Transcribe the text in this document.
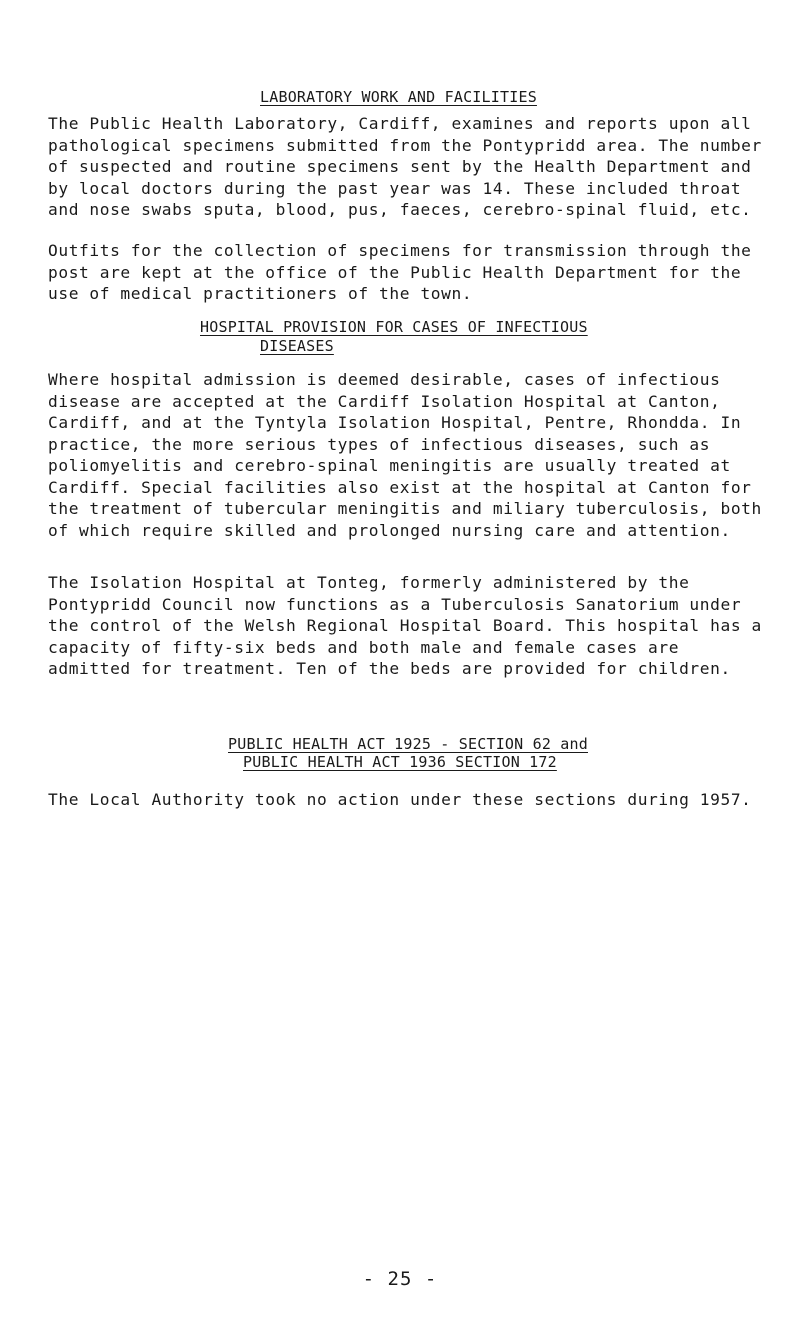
LABORATORY WORK AND FACILITIES
The Public Health Laboratory, Cardiff, examines and reports upon all pathological specimens submitted from the Pontypridd area. The number of suspected and routine specimens sent by the Health Department and by local doctors during the past year was 14. These included throat and nose swabs sputa, blood, pus, faeces, cerebro-spinal fluid, etc.
Outfits for the collection of specimens for transmission through the post are kept at the office of the Public Health Department for the use of medical practitioners of the town.
HOSPITAL PROVISION FOR CASES OF INFECTIOUS
DISEASES
Where hospital admission is deemed desirable, cases of infectious disease are accepted at the Cardiff Isolation Hospital at Canton, Cardiff, and at the Tyntyla Isolation Hospital, Pentre, Rhondda. In practice, the more serious types of infectious diseases, such as poliomyelitis and cerebro-spinal meningitis are usually treated at Cardiff. Special facilities also exist at the hospital at Canton for the treatment of tubercular meningitis and miliary tuberculosis, both of which require skilled and prolonged nursing care and attention.
The Isolation Hospital at Tonteg, formerly administered by the Pontypridd Council now functions as a Tuberculosis Sanatorium under the control of the Welsh Regional Hospital Board. This hospital has a capacity of fifty-six beds and both male and female cases are admitted for treatment. Ten of the beds are provided for children.
PUBLIC HEALTH ACT 1925 - SECTION 62 and
PUBLIC HEALTH ACT 1936 SECTION 172
The Local Authority took no action under these sections during 1957.
- 25 -
